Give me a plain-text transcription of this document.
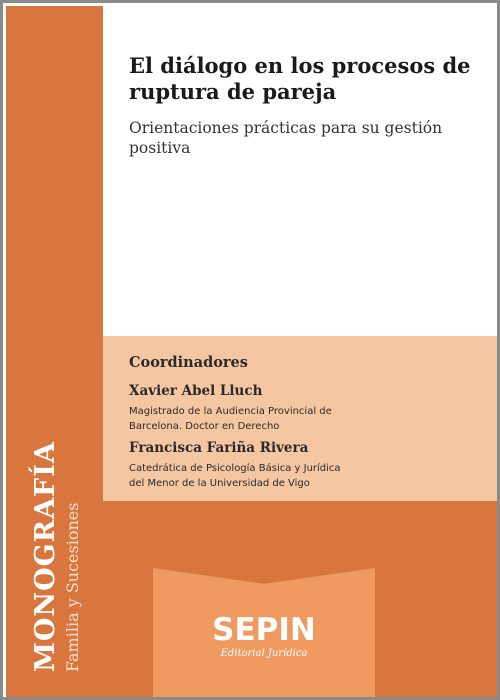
MONOGRAFÍA Familia y Sucesiones
El diálogo en los procesos de ruptura de pareja

Orientaciones prácticas para su gestión positiva

Coordinadores
Xavier Abel Lluch
Magistrado de la Audiencia Provincial de
Barcelona. Doctor en Derecho
Francisca Fariña Rivera
Catedrática de Psicología Básica y Jurídica
del Menor de la Universidad de Vigo
SEPIN
Editorial Jurídica
